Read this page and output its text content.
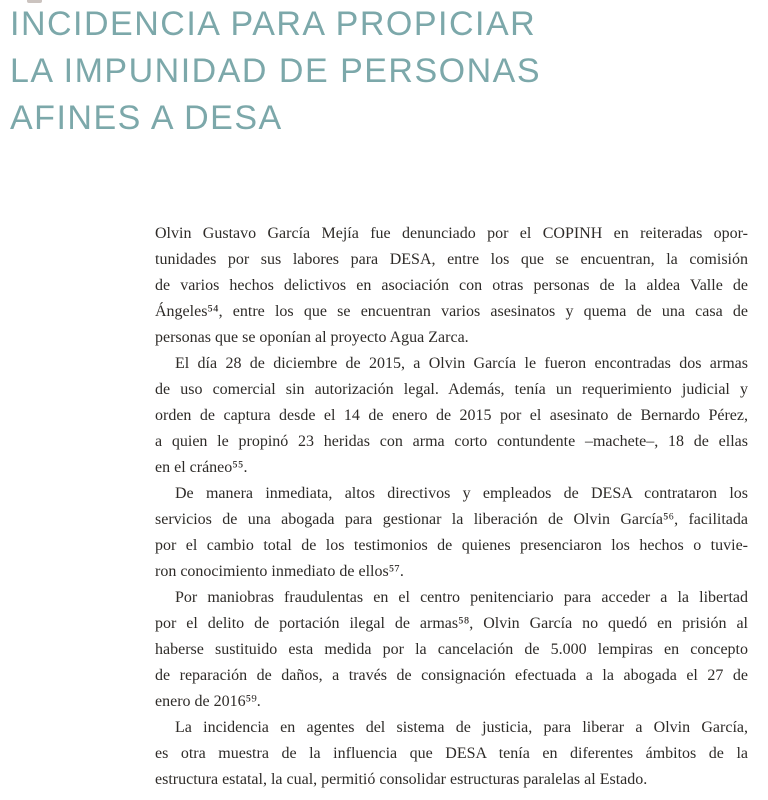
INCIDENCIA PARA PROPICIAR
LA IMPUNIDAD DE PERSONAS
AFINES A DESA
Olvin Gustavo García Mejía fue denunciado por el COPINH en reiteradas opor-
tunidades por sus labores para DESA, entre los que se encuentran, la comisión
de varios hechos delictivos en asociación con otras personas de la aldea Valle de
Ángeles⁵⁴, entre los que se encuentran varios asesinatos y quema de una casa de
personas que se oponían al proyecto Agua Zarca.
El día 28 de diciembre de 2015, a Olvin García le fueron encontradas dos armas
de uso comercial sin autorización legal. Además, tenía un requerimiento judicial y
orden de captura desde el 14 de enero de 2015 por el asesinato de Bernardo Pérez,
a quien le propinó 23 heridas con arma corto contundente –machete–, 18 de ellas
en el cráneo⁵⁵.
De manera inmediata, altos directivos y empleados de DESA contrataron los
servicios de una abogada para gestionar la liberación de Olvin García⁵⁶, facilitada
por el cambio total de los testimonios de quienes presenciaron los hechos o tuvie-
ron conocimiento inmediato de ellos⁵⁷.
Por maniobras fraudulentas en el centro penitenciario para acceder a la libertad
por el delito de portación ilegal de armas⁵⁸, Olvin García no quedó en prisión al
haberse sustituido esta medida por la cancelación de 5.000 lempiras en concepto
de reparación de daños, a través de consignación efectuada a la abogada el 27 de
enero de 2016⁵⁹.
La incidencia en agentes del sistema de justicia, para liberar a Olvin García,
es otra muestra de la influencia que DESA tenía en diferentes ámbitos de la
estructura estatal, la cual, permitió consolidar estructuras paralelas al Estado.
